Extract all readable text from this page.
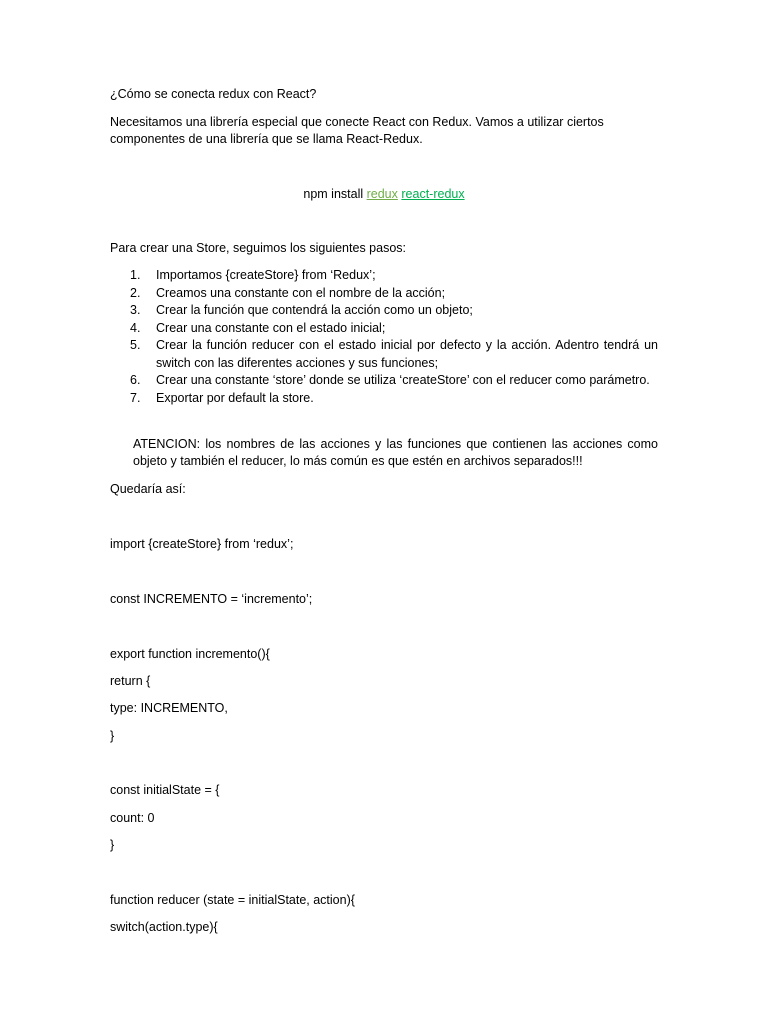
¿Cómo se conecta redux con React?
Necesitamos una librería especial que conecte React con Redux. Vamos a utilizar ciertos componentes de una librería que se llama React-Redux.
npm install redux react-redux
Para crear una Store, seguimos los siguientes pasos:
1. Importamos {createStore} from ‘Redux’;
2. Creamos una constante con el nombre de la acción;
3. Crear la función que contendrá la acción como un objeto;
4. Crear una constante con el estado inicial;
5. Crear la función reducer con el estado inicial por defecto y la acción. Adentro tendrá un switch con las diferentes acciones y sus funciones;
6. Crear una constante ‘store’ donde se utiliza ‘createStore’ con el reducer como parámetro.
7. Exportar por default la store.
ATENCION: los nombres de las acciones y las funciones que contienen las acciones como objeto y también el reducer, lo más común es que estén en archivos separados!!!
Quedaría así:
import {createStore} from ‘redux’;
const INCREMENTO = ‘incremento’;
export function incremento(){
return {
type: INCREMENTO,
}
const initialState = {
count: 0
}
function reducer (state = initialState, action){
switch(action.type){
